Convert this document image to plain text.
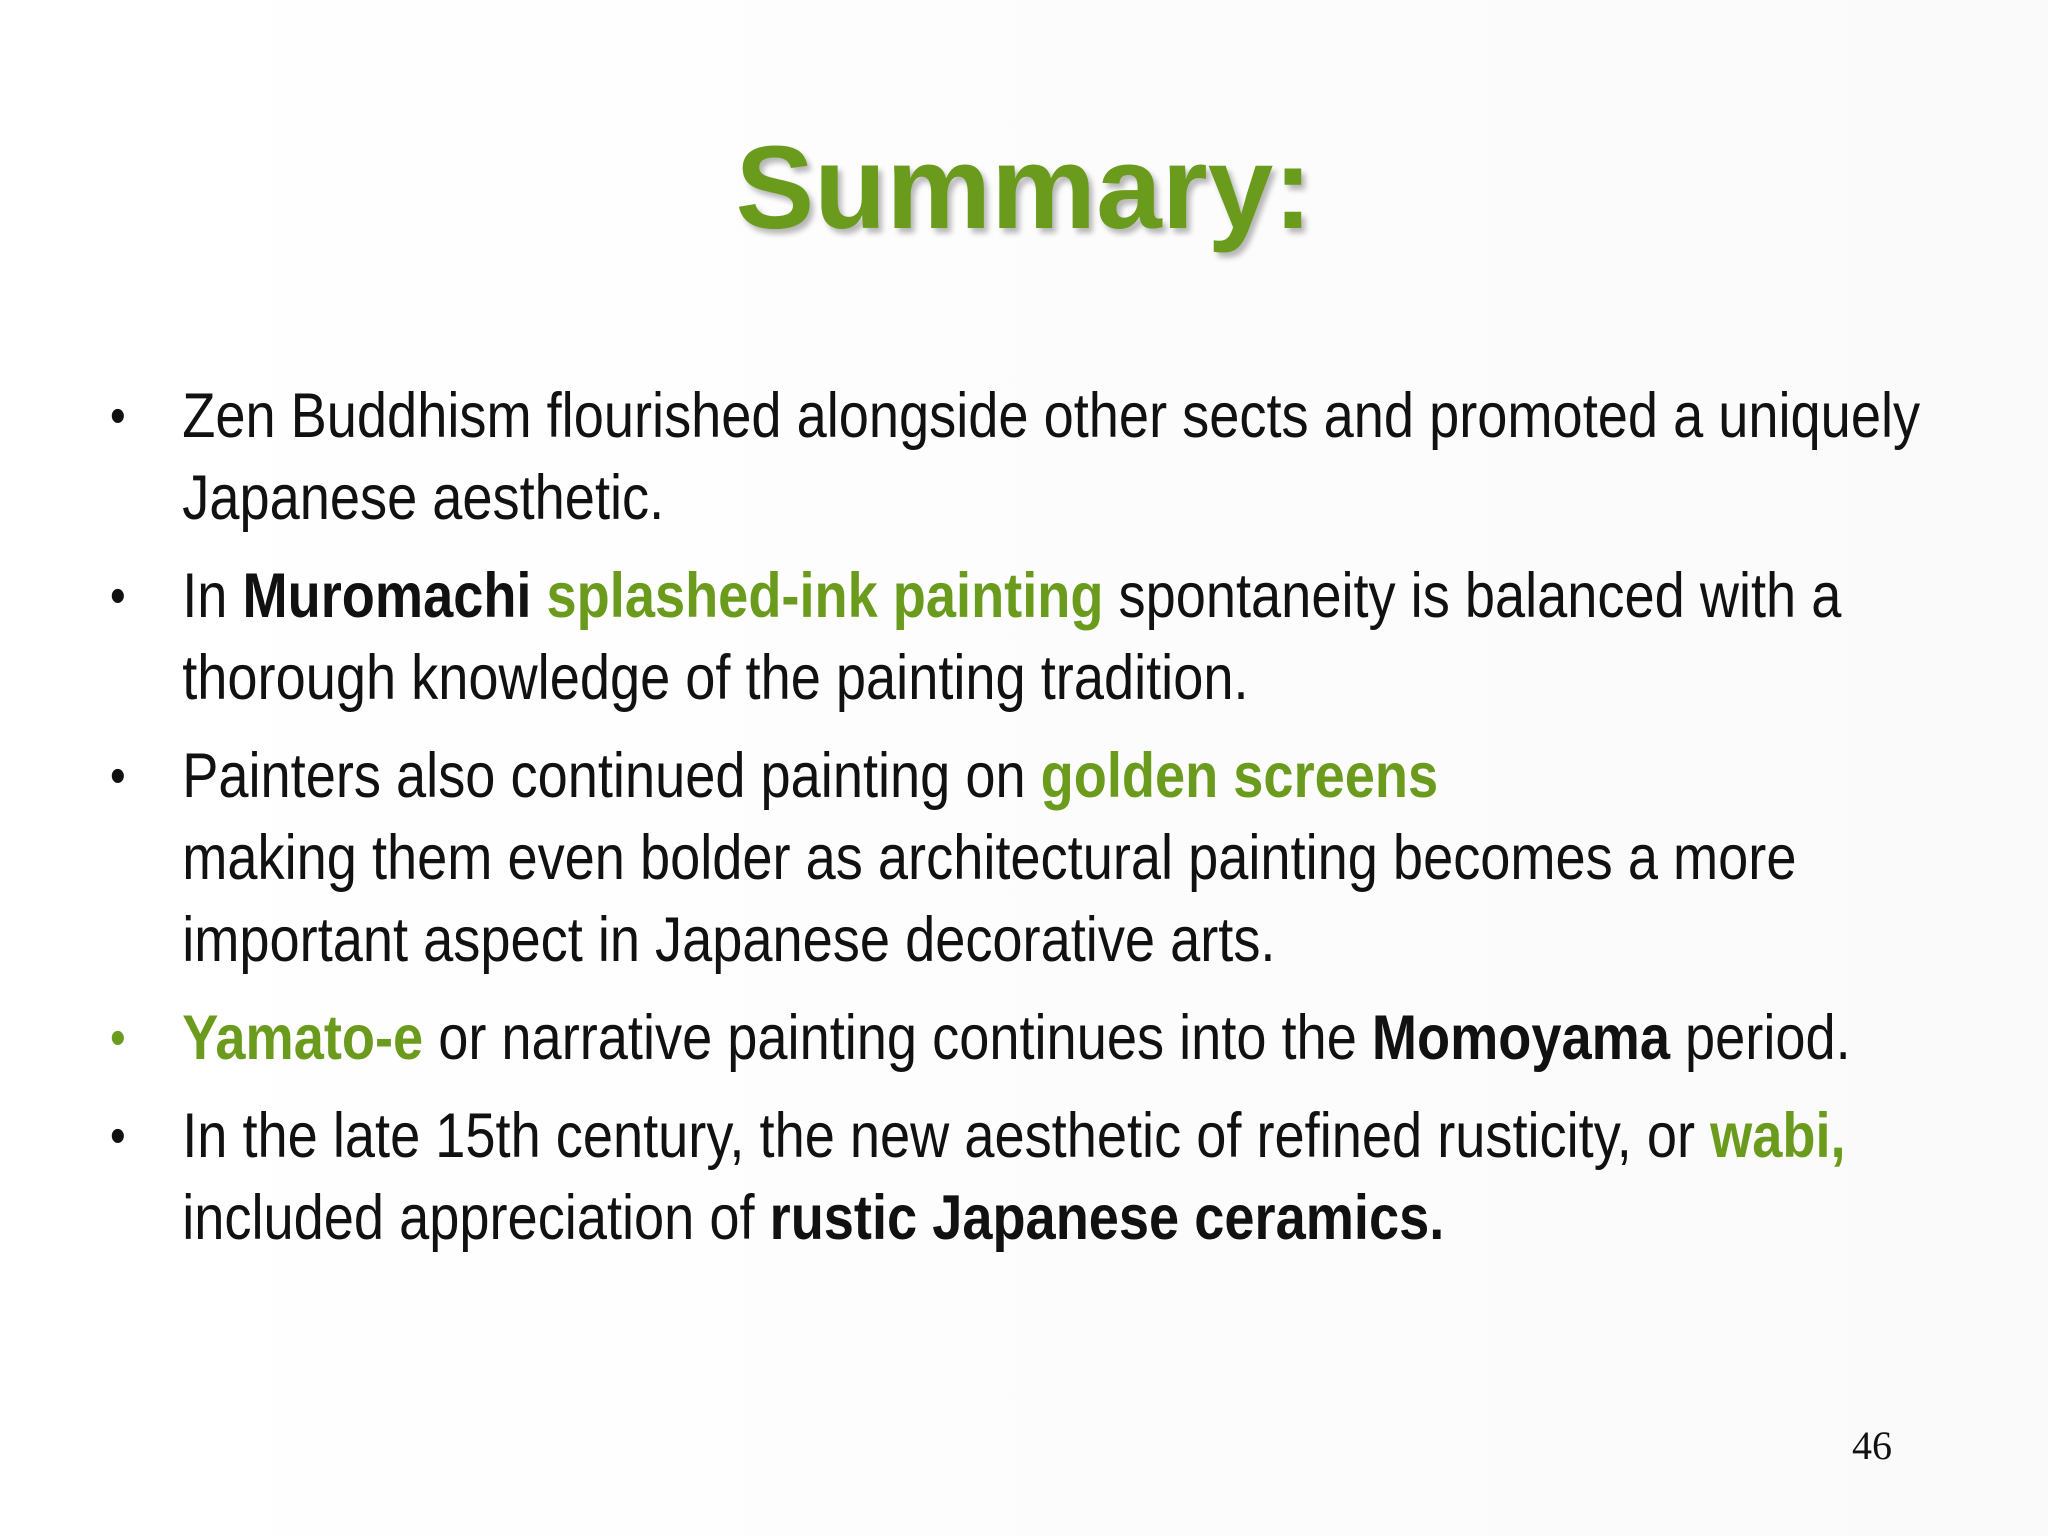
Summary:
• Zen Buddhism flourished alongside other sects and promoted a uniquely Japanese aesthetic.
• In Muromachi splashed-ink painting spontaneity is balanced with a thorough knowledge of the painting tradition.
• Painters also continued painting on golden screens
making them even bolder as architectural painting becomes a more important aspect in Japanese decorative arts.
• Yamato-e or narrative painting continues into the Momoyama period.
• In the late 15th century, the new aesthetic of refined rusticity, or wabi,
included appreciation of rustic Japanese ceramics.
46
